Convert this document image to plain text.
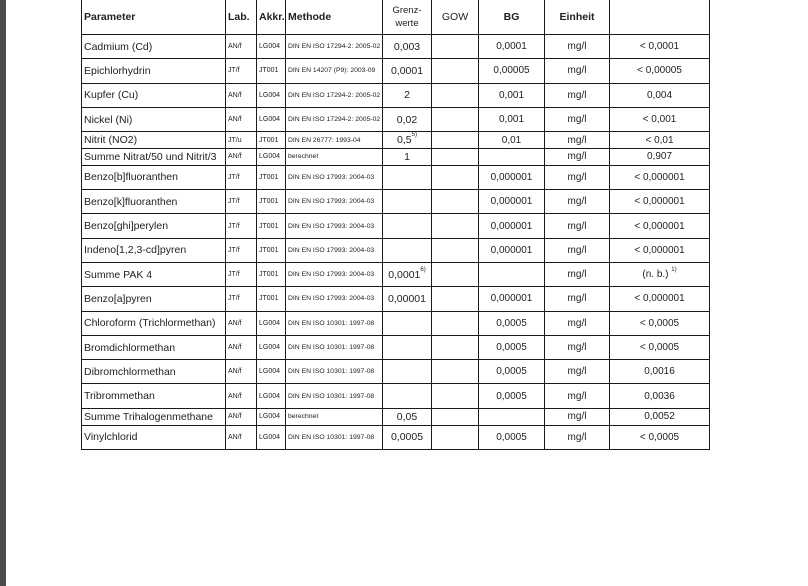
Parameter	Lab.	Akkr.	Methode	Grenz-
werte	GOW	BG	Einheit	
Cadmium (Cd)	AN/f	LG004	DIN EN ISO 17294-2: 2005-02	0,003		0,0001	mg/l	< 0,0001
Epichlorhydrin	JT/f	JT001	DIN EN 14207 (P9): 2003-09	0,0001		0,00005	mg/l	< 0,00005
Kupfer (Cu)	AN/f	LG004	DIN EN ISO 17294-2: 2005-02	2		0,001	mg/l	0,004
Nickel (Ni)	AN/f	LG004	DIN EN ISO 17294-2: 2005-02	0,02		0,001	mg/l	< 0,001
Nitrit (NO2)	JT/u	JT001	DIN EN 26777: 1993-04	0,5$^{5)}$		0,01	mg/l	< 0,01
Summe Nitrat/50 und Nitrit/3	AN/f	LG004	berechnet	1			mg/l	0,907
Benzo[b]fluoranthen	JT/f	JT001	DIN EN ISO 17993: 2004-03			0,000001	mg/l	< 0,000001
Benzo[k]fluoranthen	JT/f	JT001	DIN EN ISO 17993: 2004-03			0,000001	mg/l	< 0,000001
Benzo[ghi]perylen	JT/f	JT001	DIN EN ISO 17993: 2004-03			0,000001	mg/l	< 0,000001
Indeno[1,2,3-cd]pyren	JT/f	JT001	DIN EN ISO 17993: 2004-03			0,000001	mg/l	< 0,000001
Summe PAK 4	JT/f	JT001	DIN EN ISO 17993: 2004-03	0,0001$^{6)}$			mg/l	(n. b.) $^{1)}$
Benzo[a]pyren	JT/f	JT001	DIN EN ISO 17993: 2004-03	0,00001		0,000001	mg/l	< 0,000001
Chloroform (Trichlormethan)	AN/f	LG004	DIN EN ISO 10301: 1997-08			0,0005	mg/l	< 0,0005
Bromdichlormethan	AN/f	LG004	DIN EN ISO 10301: 1997-08			0,0005	mg/l	< 0,0005
Dibromchlormethan	AN/f	LG004	DIN EN ISO 10301: 1997-08			0,0005	mg/l	0,0016
Tribrommethan	AN/f	LG004	DIN EN ISO 10301: 1997-08			0,0005	mg/l	0,0036
Summe Trihalogenmethane	AN/f	LG004	berechnet	0,05			mg/l	0,0052
Vinylchlorid	AN/f	LG004	DIN EN ISO 10301: 1997-08	0,0005		0,0005	mg/l	< 0,0005
